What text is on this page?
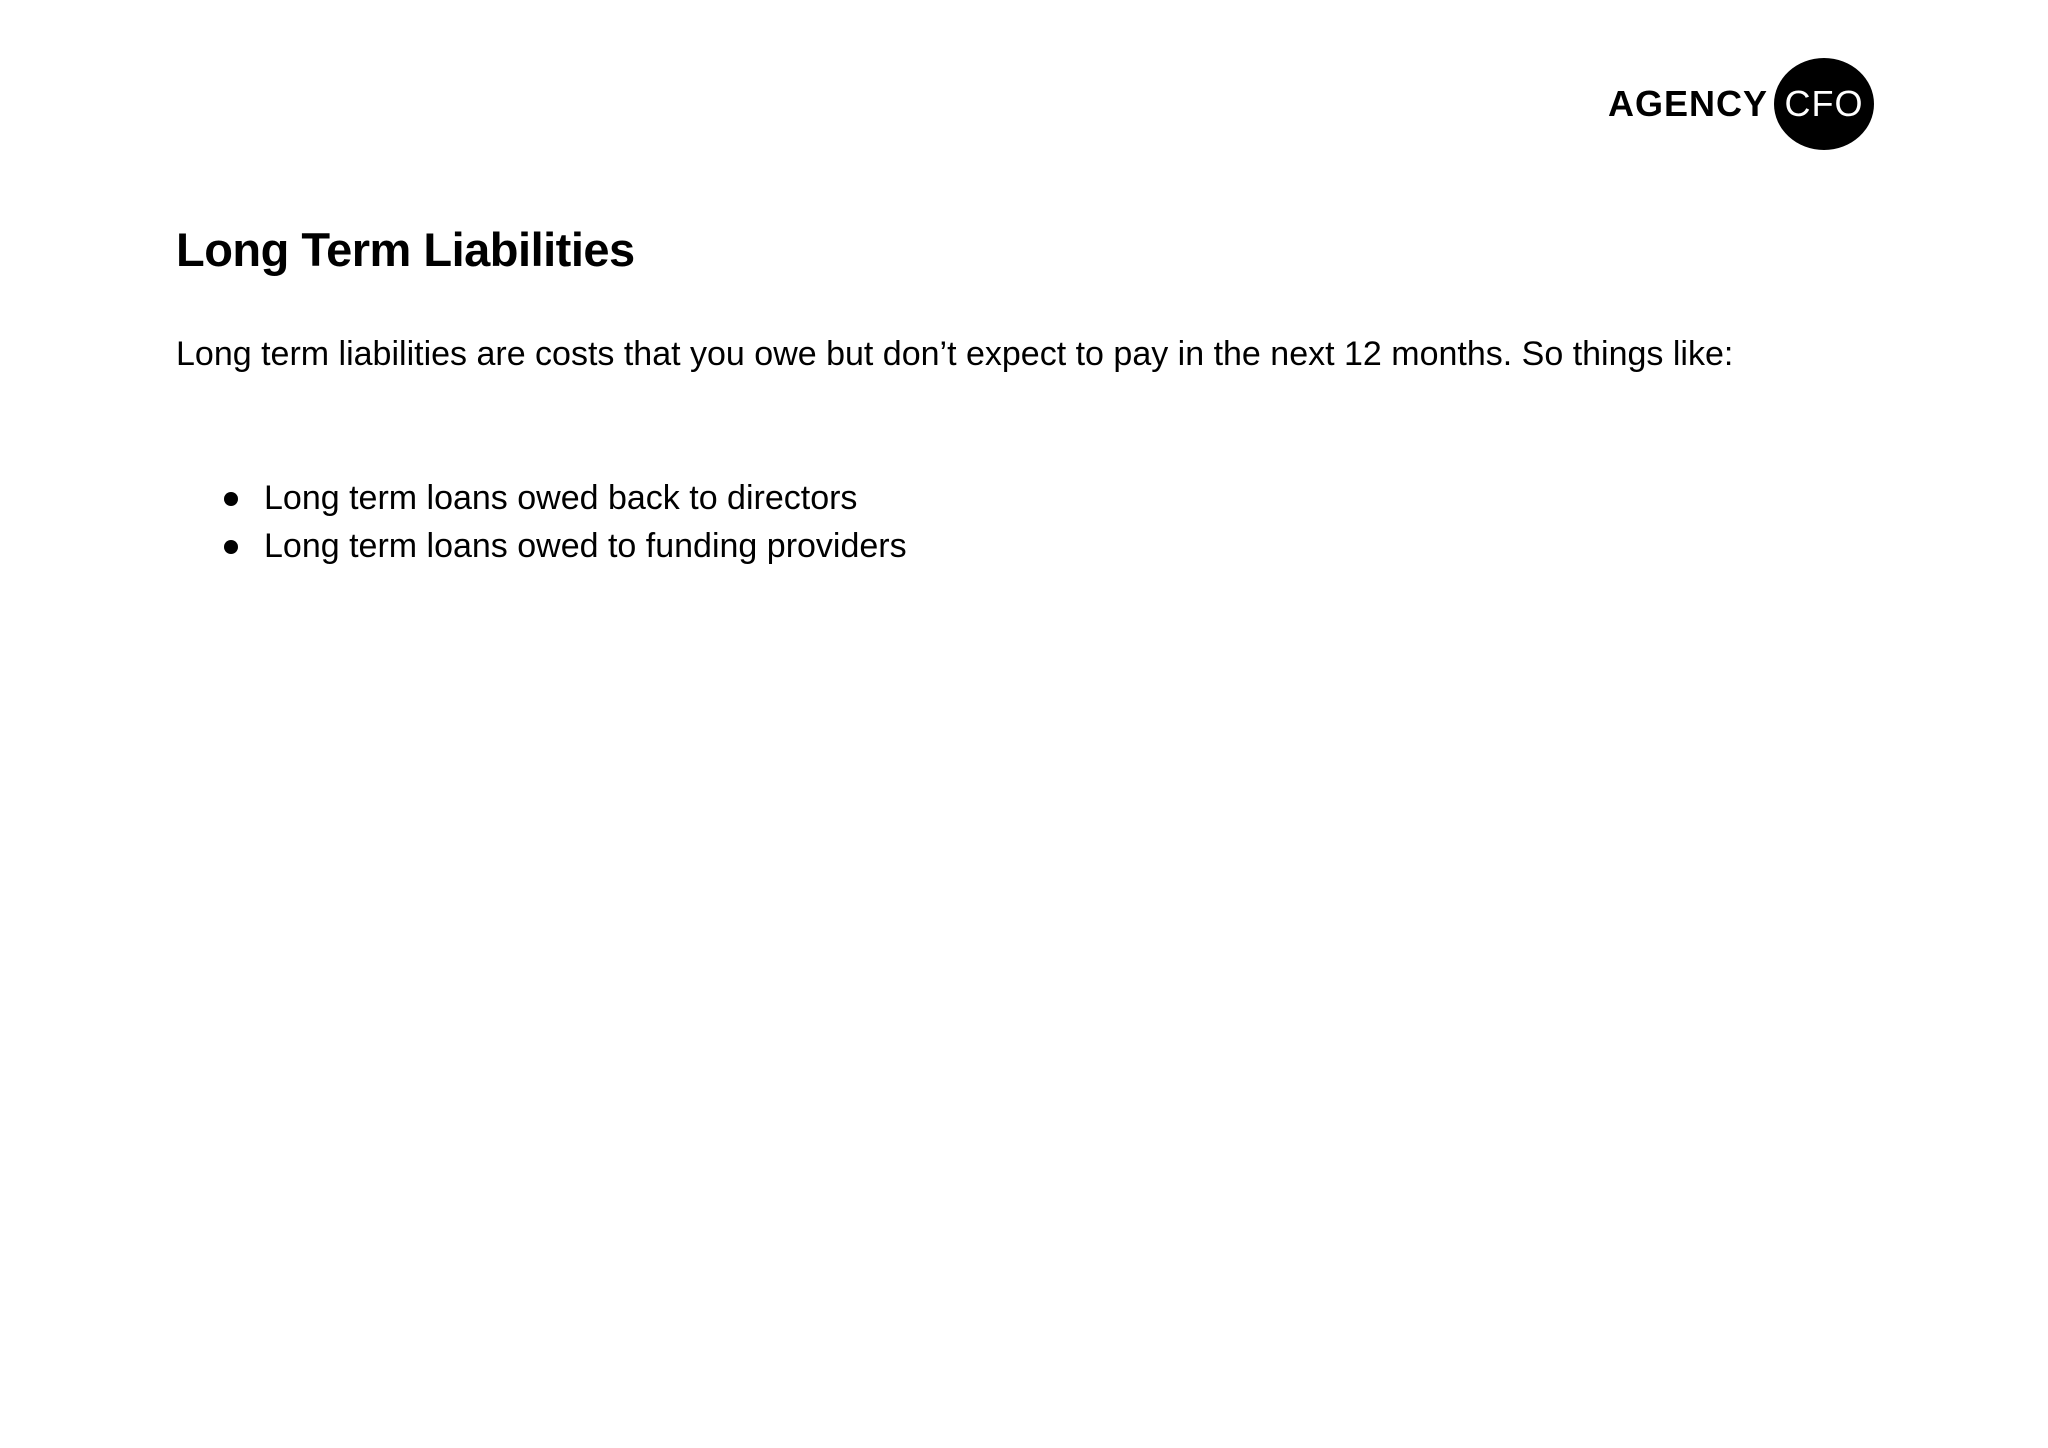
AGENCY CFO
Long Term Liabilities

Long term liabilities are costs that you owe but don’t expect to pay in the next 12 months. So things like:

Long term loans owed back to directors
Long term loans owed to funding providers
